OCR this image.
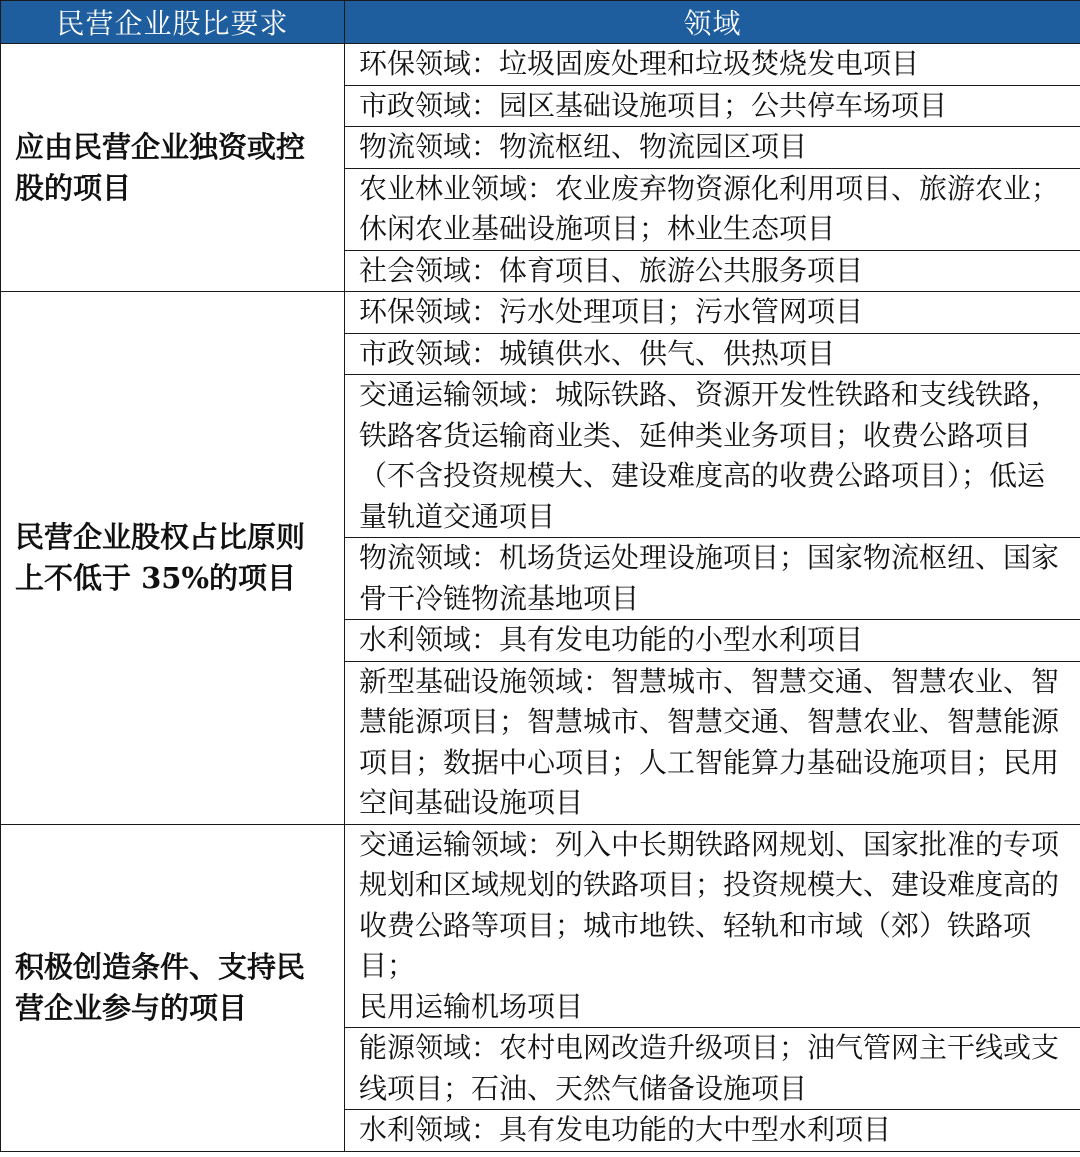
民营企业股比要求	领域
应由民营企业独资或控股的项目	环保领域：垃圾固废处理和垃圾焚烧发电项目
	市政领域：园区基础设施项目；公共停车场项目
	物流领域：物流枢纽、物流园区项目
	农业林业领域：农业废弃物资源化利用项目、旅游农业；休闲农业基础设施项目；林业生态项目
	社会领域：体育项目、旅游公共服务项目
民营企业股权占比原则上不低于 35%的项目	环保领域：污水处理项目；污水管网项目
	市政领域：城镇供水、供气、供热项目
	交通运输领域：城际铁路、资源开发性铁路和支线铁路，铁路客货运输商业类、延伸类业务项目；收费公路项目（不含投资规模大、建设难度高的收费公路项目）；低运量轨道交通项目
	物流领域：机场货运处理设施项目；国家物流枢纽、国家骨干冷链物流基地项目
	水利领域：具有发电功能的小型水利项目
	新型基础设施领域：智慧城市、智慧交通、智慧农业、智慧能源项目；智慧城市、智慧交通、智慧农业、智慧能源项目；数据中心项目；人工智能算力基础设施项目；民用空间基础设施项目
积极创造条件、支持民营企业参与的项目	交通运输领域：列入中长期铁路网规划、国家批准的专项规划和区域规划的铁路项目；投资规模大、建设难度高的收费公路等项目；城市地铁、轻轨和市域（郊）铁路项目；
民用运输机场项目

	能源领域：农村电网改造升级项目；油气管网主干线或支线项目；石油、天然气储备设施项目
	水利领域：具有发电功能的大中型水利项目
